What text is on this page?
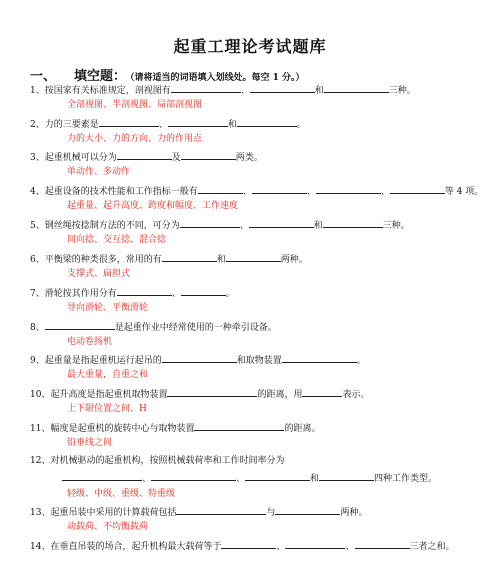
起重工理论考试题库
一、 填空题： （请将适当的词语填入划线处。每空 1 分。）
1、按国家有关标准规定，剖视图有	、	和	三种。
全剖视图、半剖视图、局部剖视图
2、力的三要素是	、	和	。
力的大小、力的方向、力的作用点
3、起重机械可以分为	及	两类。
单动作、多动作
4、起重设备的技术性能和工作指标一般有	、	、	、	等 4 项。
起重量、起升高度、跨度和幅度、工作速度
5、钢丝绳按捻制方法的不同，可分为	、	和	三种。
同向捻、交互捻、混合捻
6、平衡梁的种类很多，常用的有	和	两种。
支撑式、扁担式
7、滑轮按其作用分有	、	。
导向滑轮、平衡滑轮
8、	是起重作业中经常使用的一种牵引设备。
电动卷扬机
9、起重量是指起重机运行起吊的	和取物装置	。
最大重量，自重之和
10、起升高度是指起重机取物装置	的距离，用	表示。
上下限位置之间、H
11、幅度是起重机的旋转中心与取物装置	的距离。
铅垂线之间
12、对机械驱动的起重机构，按照机械载荷率和工作时间率分为
、	、	和	四种工作类型。
轻级、中级、重级、特重级
13、起重吊装中采用的计算载荷包括	与	两种。
动载荷、不均衡载荷
14、在垂直吊装的场合，起升机构最大载荷等于	、	、	三者之和。
